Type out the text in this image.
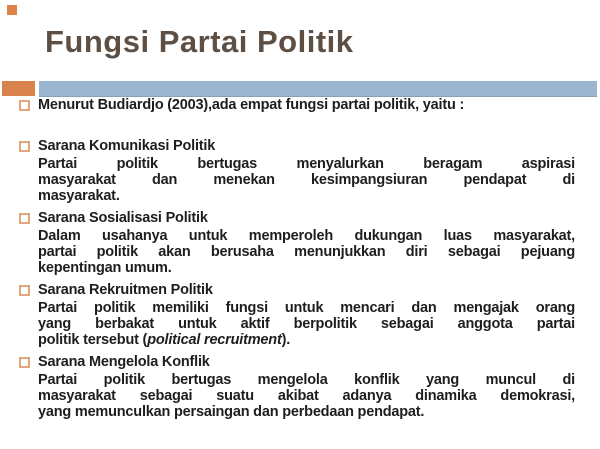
Fungsi Partai Politik
Menurut Budiardjo (2003),ada empat fungsi partai politik, yaitu :
Sarana Komunikasi Politik
Partai politik bertugas menyalurkan beragam aspirasi
masyarakat dan menekan kesimpangsiuran pendapat di
masyarakat.
Sarana Sosialisasi Politik
Dalam usahanya untuk memperoleh dukungan luas masyarakat,
partai politik akan berusaha menunjukkan diri sebagai pejuang
kepentingan umum.
Sarana Rekruitmen Politik
Partai politik memiliki fungsi untuk mencari dan mengajak orang
yang berbakat untuk aktif berpolitik sebagai anggota partai
politik tersebut (political recruitment).
Sarana Mengelola Konflik
Partai politik bertugas mengelola konflik yang muncul di
masyarakat sebagai suatu akibat adanya dinamika demokrasi,
yang memunculkan persaingan dan perbedaan pendapat.
